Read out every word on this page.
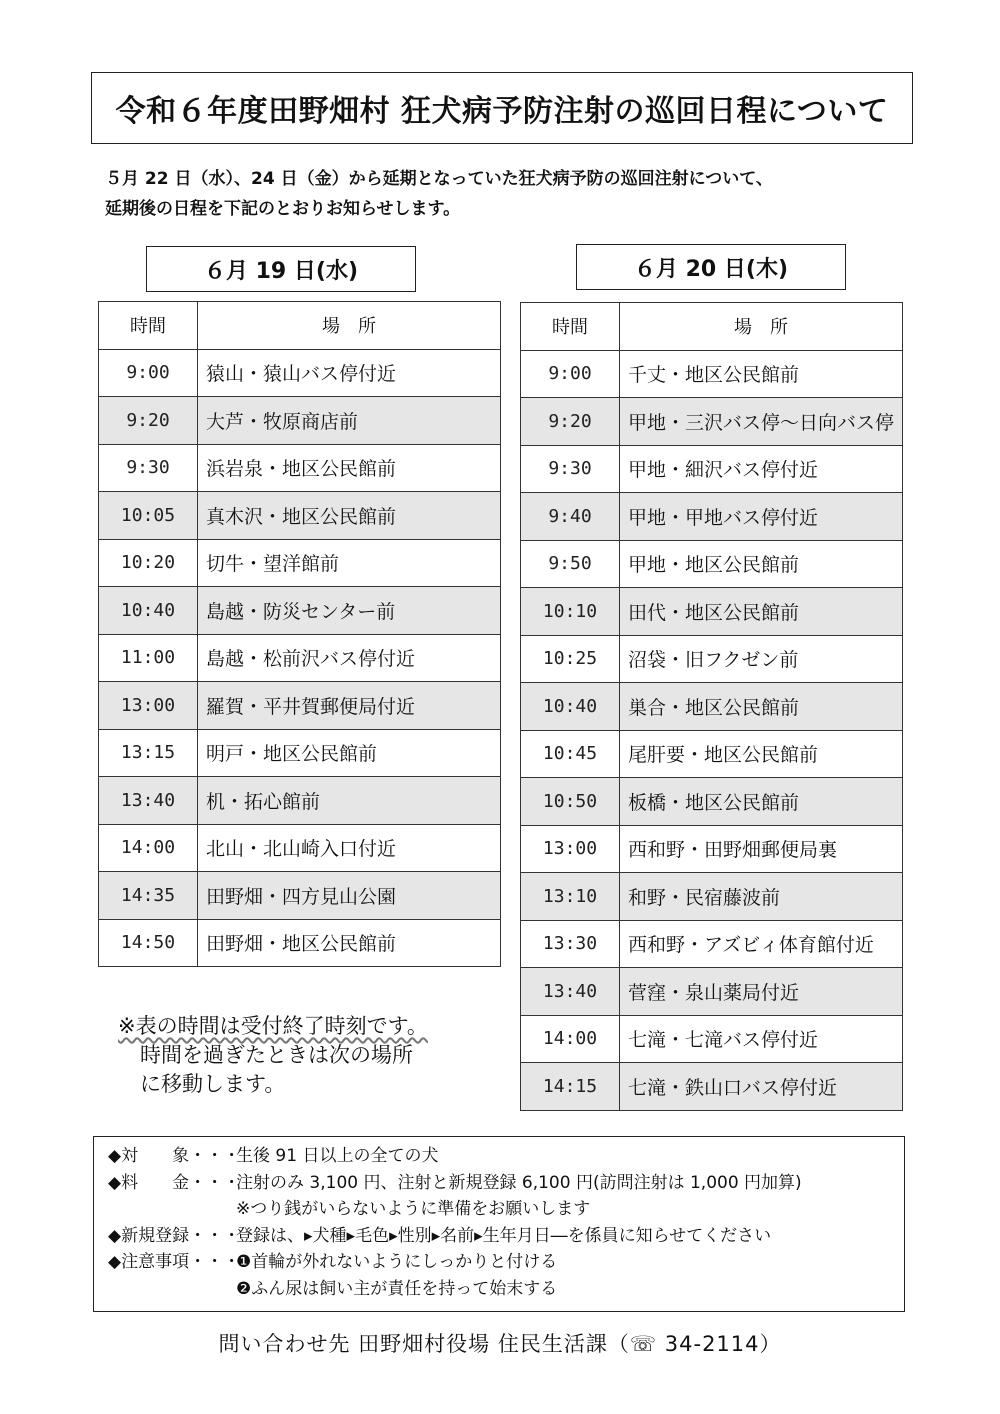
令和６年度田野畑村 狂犬病予防注射の巡回日程について
５月 22 日（水）、24 日（金）から延期となっていた狂犬病予防の巡回注射について、
延期後の日程を下記のとおりお知らせします。
６月 19 日(水)	６月 20 日(木)
時間	場　所
9:00	猿山・猿山バス停付近
9:20	大芦・牧原商店前
9:30	浜岩泉・地区公民館前
10:05	真木沢・地区公民館前
10:20	切牛・望洋館前
10:40	島越・防災センター前
11:00	島越・松前沢バス停付近
13:00	羅賀・平井賀郵便局付近
13:15	明戸・地区公民館前
13:40	机・拓心館前
14:00	北山・北山崎入口付近
14:35	田野畑・四方見山公園
14:50	田野畑・地区公民館前
時間	場　所
9:00	千丈・地区公民館前
9:20	甲地・三沢バス停～日向バス停
9:30	甲地・細沢バス停付近
9:40	甲地・甲地バス停付近
9:50	甲地・地区公民館前
10:10	田代・地区公民館前
10:25	沼袋・旧フクゼン前
10:40	巣合・地区公民館前
10:45	尾肝要・地区公民館前
10:50	板橋・地区公民館前
13:00	西和野・田野畑郵便局裏
13:10	和野・民宿藤波前
13:30	西和野・アズビィ体育館付近
13:40	菅窪・泉山薬局付近
14:00	七滝・七滝バス停付近
14:15	七滝・鉄山口バス停付近
※表の時間は受付終了時刻です。
時間を過ぎたときは次の場所
に移動します。
◆対　　象・・・
生後 91 日以上の全ての犬
◆料　　金・・・
注射のみ 3,100 円、注射と新規登録 6,100 円(訪問注射は 1,000 円加算)
※つり銭がいらないように準備をお願いします
◆新規登録・・・
登録は、▸犬種▸毛色▸性別▸名前▸生年月日―を係員に知らせてください
◆注意事項・・・
❶首輪が外れないようにしっかりと付ける
❷ふん尿は飼い主が責任を持って始末する
問い合わせ先 田野畑村役場 住民生活課（☏ 34-2114）
